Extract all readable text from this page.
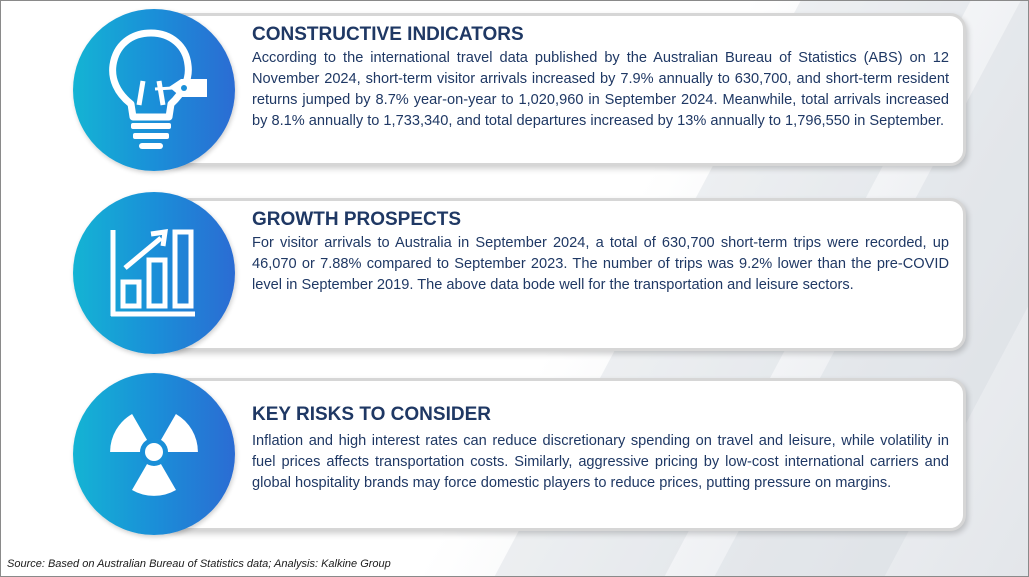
CONSTRUCTIVE INDICATORS

According to the international travel data published by the Australian Bureau of Statistics (ABS) on 12 November 2024, short-term visitor arrivals increased by 7.9% annually to 630,700, and short-term resident returns jumped by 8.7% year-on-year to 1,020,960 in September 2024. Meanwhile, total arrivals increased by 8.1% annually to 1,733,340, and total departures increased by 13% annually to 1,796,550 in September.

GROWTH PROSPECTS

For visitor arrivals to Australia in September 2024, a total of 630,700 short-term trips were recorded, up 46,070 or 7.88% compared to September 2023. The number of trips was 9.2% lower than the pre-COVID level in September 2019. The above data bode well for the transportation and leisure sectors.

KEY RISKS TO CONSIDER

Inflation and high interest rates can reduce discretionary spending on travel and leisure, while volatility in fuel prices affects transportation costs. Similarly, aggressive pricing by low-cost international carriers and global hospitality brands may force domestic players to reduce prices, putting pressure on margins.

Source: Based on Australian Bureau of Statistics data; Analysis: Kalkine Group
